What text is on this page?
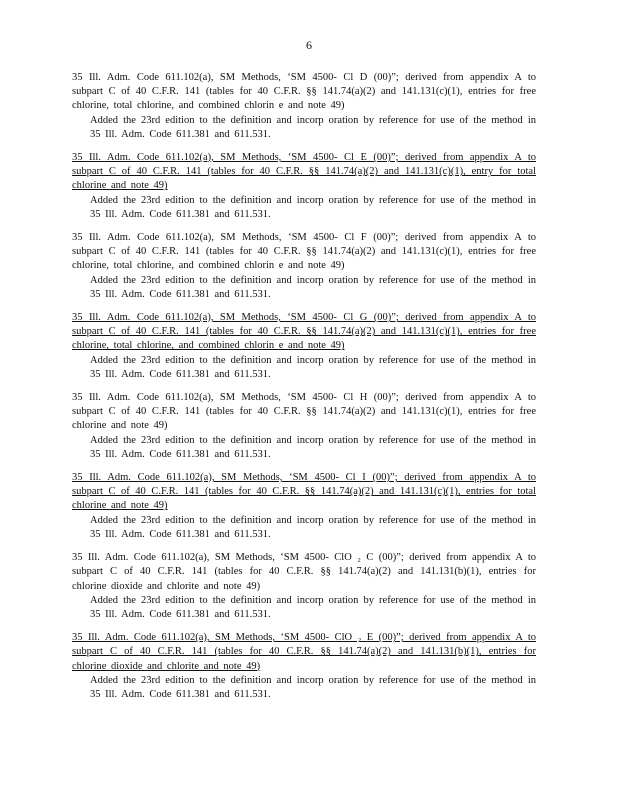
6

35 Ill. Adm. Code 611.102(a), SM Methods, ‘SM 4500- Cl D (00)”; derived from appendix A to subpart C of 40 C.F.R. 141 (tables for 40 C.F.R. §§ 141.74(a)(2) and 141.131(c)(1), entries for free chlorine, total chlorine, and combined chlorin e and note 49)

Added the 23rd edition to the definition and incorp oration by reference for use of the method in 35 Ill. Adm. Code 611.381 and 611.531.

35 Ill. Adm. Code 611.102(a), SM Methods, ‘SM 4500- Cl E (00)”; derived from appendix A to subpart C of 40 C.F.R. 141 (tables for 40 C.F.R. §§ 141.74(a)(2) and 141.131(c)(1), entry for total chlorine and note 49)

Added the 23rd edition to the definition and incorp oration by reference for use of the method in 35 Ill. Adm. Code 611.381 and 611.531.

35 Ill. Adm. Code 611.102(a), SM Methods, ‘SM 4500- Cl F (00)”; derived from appendix A to subpart C of 40 C.F.R. 141 (tables for 40 C.F.R. §§ 141.74(a)(2) and 141.131(c)(1), entries for free chlorine, total chlorine, and combined chlorin e and note 49)

Added the 23rd edition to the definition and incorp oration by reference for use of the method in 35 Ill. Adm. Code 611.381 and 611.531.

35 Ill. Adm. Code 611.102(a), SM Methods, ‘SM 4500- Cl G (00)”; derived from appendix A to subpart C of 40 C.F.R. 141 (tables for 40 C.F.R. §§ 141.74(a)(2) and 141.131(c)(1), entries for free chlorine, total chlorine, and combined chlorin e and note 49)

Added the 23rd edition to the definition and incorp oration by reference for use of the method in 35 Ill. Adm. Code 611.381 and 611.531.

35 Ill. Adm. Code 611.102(a), SM Methods, ‘SM 4500- Cl H (00)”; derived from appendix A to subpart C of 40 C.F.R. 141 (tables for 40 C.F.R. §§ 141.74(a)(2) and 141.131(c)(1), entries for free chlorine and note 49)

Added the 23rd edition to the definition and incorp oration by reference for use of the method in 35 Ill. Adm. Code 611.381 and 611.531.

35 Ill. Adm. Code 611.102(a), SM Methods, ‘SM 4500- Cl I (00)”; derived from appendix A to subpart C of 40 C.F.R. 141 (tables for 40 C.F.R. §§ 141.74(a)(2) and 141.131(c)(1), entries for total chlorine and note 49)

Added the 23rd edition to the definition and incorp oration by reference for use of the method in 35 Ill. Adm. Code 611.381 and 611.531.

35 Ill. Adm. Code 611.102(a), SM Methods, ‘SM 4500- ClO ₂ C (00)”; derived from appendix A to subpart C of 40 C.F.R. 141 (tables for 40 C.F.R. §§ 141.74(a)(2) and 141.131(b)(1), entries for chlorine dioxide and chlorite and note 49)

Added the 23rd edition to the definition and incorp oration by reference for use of the method in 35 Ill. Adm. Code 611.381 and 611.531.

35 Ill. Adm. Code 611.102(a), SM Methods, ‘SM 4500- ClO ₂ E (00)”; derived from appendix A to subpart C of 40 C.F.R. 141 (tables for 40 C.F.R. §§ 141.74(a)(2) and 141.131(b)(1), entries for chlorine dioxide and chlorite and note 49)

Added the 23rd edition to the definition and incorp oration by reference for use of the method in 35 Ill. Adm. Code 611.381 and 611.531.
